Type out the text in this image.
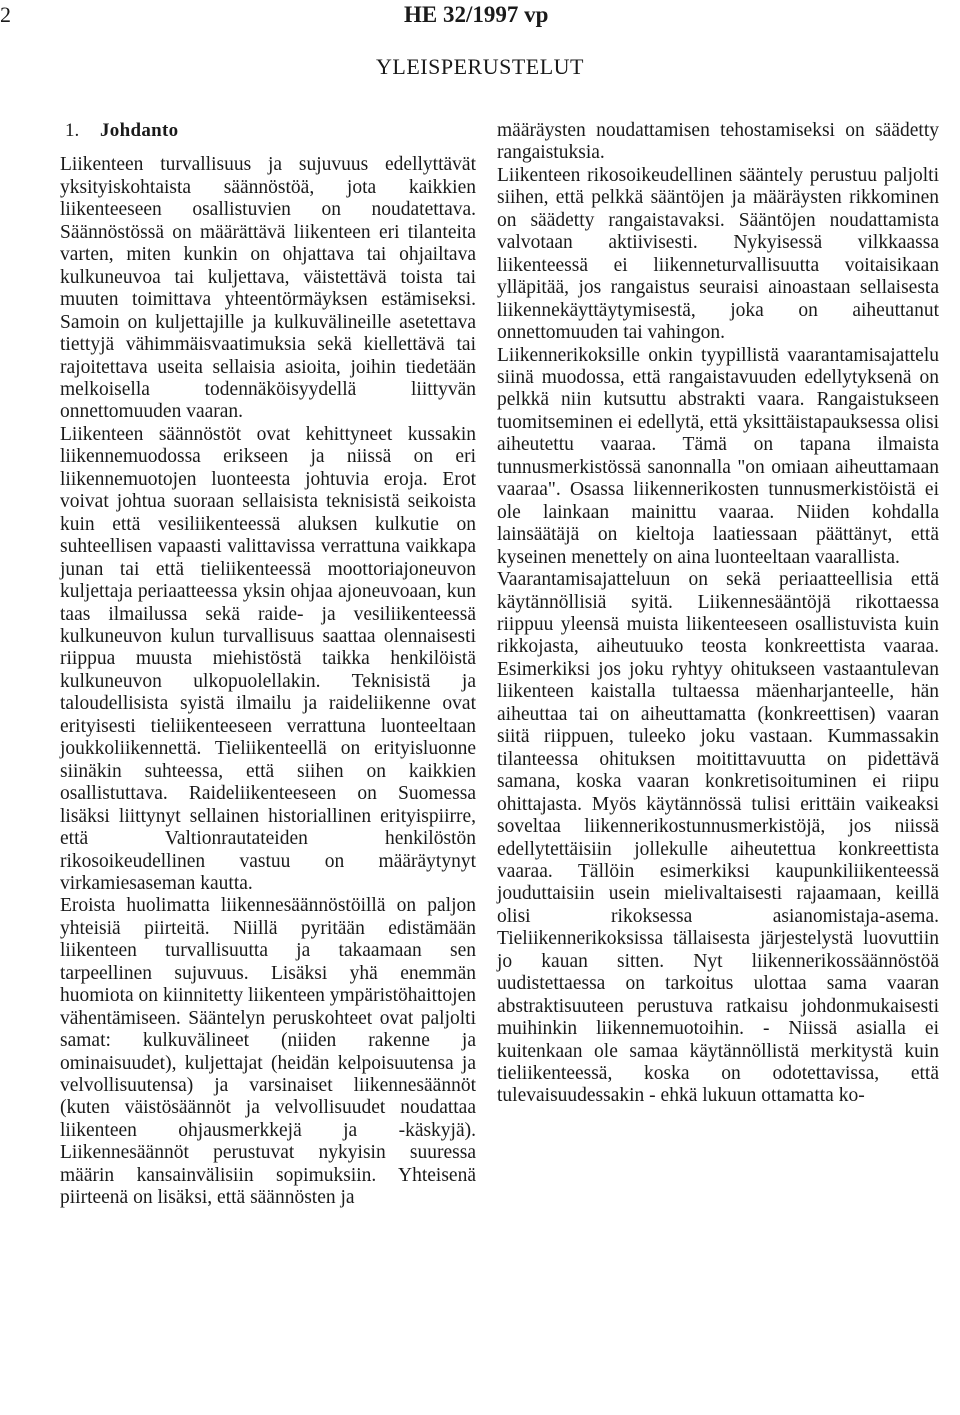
2	HE 32/1997 vp
YLEISPERUSTELUT

1. Johdanto

Liikenteen turvallisuus ja sujuvuus edellyttävät yksityiskohtaista säännöstöä, jota kaikkien liikenteeseen osallistuvien on noudatettava. Säännöstössä on määrättävä liikenteen eri tilanteita varten, miten kunkin on ohjattava tai ohjailtava kulkuneuvoa tai kuljettava, väistettävä toista tai muuten toimittava yhteentörmäyksen estämiseksi. Samoin on kuljettajille ja kulkuvälineille asetettava tiettyjä vähimmäisvaatimuksia sekä kiellettävä tai rajoitettava useita sellaisia asioita, joihin tiedetään melkoisella todennäköisyydellä liittyvän onnettomuuden vaaran.

Liikenteen säännöstöt ovat kehittyneet kussakin liikennemuodossa erikseen ja niissä on eri liikennemuotojen luonteesta johtuvia eroja. Erot voivat johtua suoraan sellaisista teknisistä seikoista kuin että vesiliikenteessä aluksen kulkutie on suhteellisen vapaasti valittavissa verrattuna vaikkapa junan tai että tieliikenteessä moottoriajoneuvon kuljettaja periaatteessa yksin ohjaa ajoneuvoaan, kun taas ilmailussa sekä raide- ja vesiliikenteessä kulkuneuvon kulun turvallisuus saattaa olennaisesti riippua muusta miehistöstä taikka henkilöistä kulkuneuvon ulkopuolellakin. Teknisistä ja taloudellisista syistä ilmailu ja raideliikenne ovat erityisesti tieliikenteeseen verrattuna luonteeltaan joukkoliikennettä. Tieliikenteellä on erityisluonne siinäkin suhteessa, että siihen on kaikkien osallistuttava. Raideliikenteeseen on Suomessa lisäksi liittynyt sellainen historiallinen erityispiirre, että Valtionrautateiden henkilöstön rikosoikeudellinen vastuu on määräytynyt virkamiesaseman kautta.

Eroista huolimatta liikennesäännöstöillä on paljon yhteisiä piirteitä. Niillä pyritään edistämään liikenteen turvallisuutta ja takaamaan sen tarpeellinen sujuvuus. Lisäksi yhä enemmän huomiota on kiinnitetty liikenteen ympäristöhaittojen vähentämiseen. Sääntelyn peruskohteet ovat paljolti samat: kulkuvälineet (niiden rakenne ja ominaisuudet), kuljettajat (heidän kelpoisuutensa ja velvollisuutensa) ja varsinaiset liikennesäännöt (kuten väistösäännöt ja velvollisuudet noudattaa liikenteen ohjausmerkkejä ja -käskyjä). Liikennesäännöt perustuvat nykyisin suuressa määrin kansainvälisiin sopimuksiin. Yhteisenä piirteenä on lisäksi, että säännösten ja

määräysten noudattamisen tehostamiseksi on säädetty rangaistuksia.

Liikenteen rikosoikeudellinen sääntely perustuu paljolti siihen, että pelkkä sääntöjen ja määräysten rikkominen on säädetty rangaistavaksi. Sääntöjen noudattamista valvotaan aktiivisesti. Nykyisessä vilkkaassa liikenteessä ei liikenneturvallisuutta voitaisikaan ylläpitää, jos rangaistus seuraisi ainoastaan sellaisesta liikennekäyttäytymisestä, joka on aiheuttanut onnettomuuden tai vahingon.

Liikennerikoksille onkin tyypillistä vaarantamisajattelu siinä muodossa, että rangaistavuuden edellytyksenä on pelkkä niin kutsuttu abstrakti vaara. Rangaistukseen tuomitseminen ei edellytä, että yksittäistapauksessa olisi aiheutettu vaaraa. Tämä on tapana ilmaista tunnusmerkistössä sanonnalla "on omiaan aiheuttamaan vaaraa". Osassa liikennerikosten tunnusmerkistöistä ei ole lainkaan mainittu vaaraa. Niiden kohdalla lainsäätäjä on kieltoja laatiessaan päättänyt, että kyseinen menettely on aina luonteeltaan vaarallista.

Vaarantamisajatteluun on sekä periaatteellisia että käytännöllisiä syitä. Liikennesääntöjä rikottaessa riippuu yleensä muista liikenteeseen osallistuvista kuin rikkojasta, aiheutuuko teosta konkreettista vaaraa. Esimerkiksi jos joku ryhtyy ohitukseen vastaantulevan liikenteen kaistalla tultaessa mäenharjanteelle, hän aiheuttaa tai on aiheuttamatta (konkreettisen) vaaran siitä riippuen, tuleeko joku vastaan. Kummassakin tilanteessa ohituksen moitittavuutta on pidettävä samana, koska vaaran konkretisoituminen ei riipu ohittajasta. Myös käytännössä tulisi erittäin vaikeaksi soveltaa liikennerikostunnusmerkistöjä, jos niissä edellytettäisiin jollekulle aiheutettua konkreettista vaaraa. Tällöin esimerkiksi kaupunkiliikenteessä jouduttaisiin usein mielivaltaisesti rajaamaan, keillä olisi rikoksessa asianomistaja-asema. Tieliikennerikoksissa tällaisesta järjestelystä luovuttiin jo kauan sitten. Nyt liikennerikossäännöstöä uudistettaessa on tarkoitus ulottaa sama vaaran abstraktisuuteen perustuva ratkaisu johdonmukaisesti muihinkin liikennemuotoihin. - Niissä asialla ei kuitenkaan ole samaa käytännöllistä merkitystä kuin tieliikenteessä, koska on odotettavissa, että tulevaisuudessakin - ehkä lukuun ottamatta ko-
